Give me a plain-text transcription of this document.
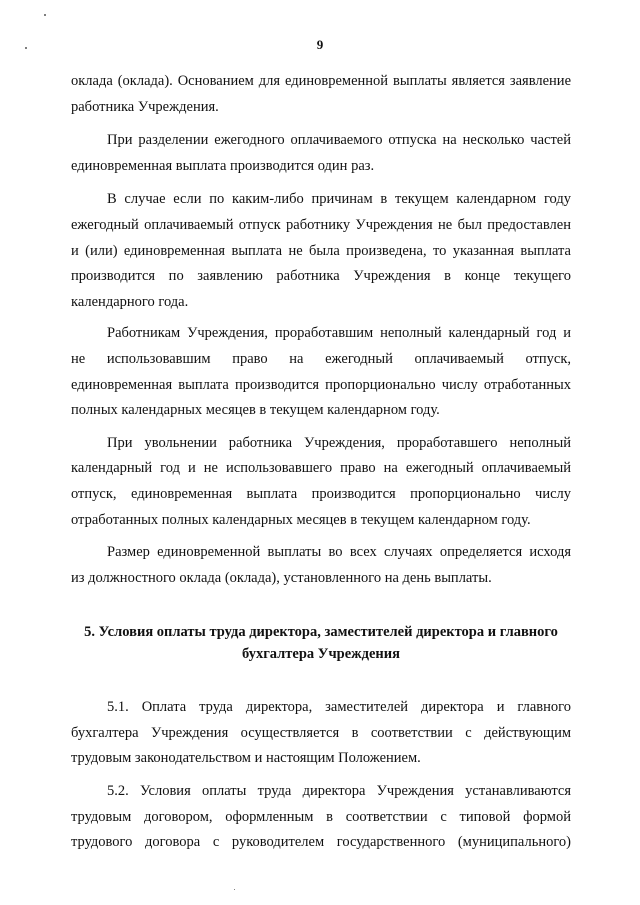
9

оклада (оклада). Основанием для единовременной выплаты является заявление
работника Учреждения.

При разделении ежегодного оплачиваемого отпуска на несколько частей
единовременная выплата производится один раз.

В случае если по каким-либо причинам в текущем календарном году
ежегодный оплачиваемый отпуск работнику Учреждения не был предоставлен
и (или) единовременная выплата не была произведена, то указанная выплата
производится по заявлению работника Учреждения в конце текущего
календарного года.

Работникам Учреждения, проработавшим неполный календарный год и
не использовавшим право на ежегодный оплачиваемый отпуск,
единовременная выплата производится пропорционально числу отработанных
полных календарных месяцев в текущем календарном году.

При увольнении работника Учреждения, проработавшего неполный
календарный год и не использовавшего право на ежегодный оплачиваемый
отпуск, единовременная выплата производится пропорционально числу
отработанных полных календарных месяцев в текущем календарном году.

Размер единовременной выплаты во всех случаях определяется исходя
из должностного оклада (оклада), установленного на день выплаты.

5. Условия оплаты труда директора, заместителей директора и главного
бухгалтера Учреждения

5.1. Оплата труда директора, заместителей директора и главного
бухгалтера Учреждения осуществляется в соответствии с действующим
трудовым законодательством и настоящим Положением.

5.2. Условия оплаты труда директора Учреждения устанавливаются
трудовым договором, оформленным в соответствии с типовой формой
трудового договора с руководителем государственного (муниципального)
